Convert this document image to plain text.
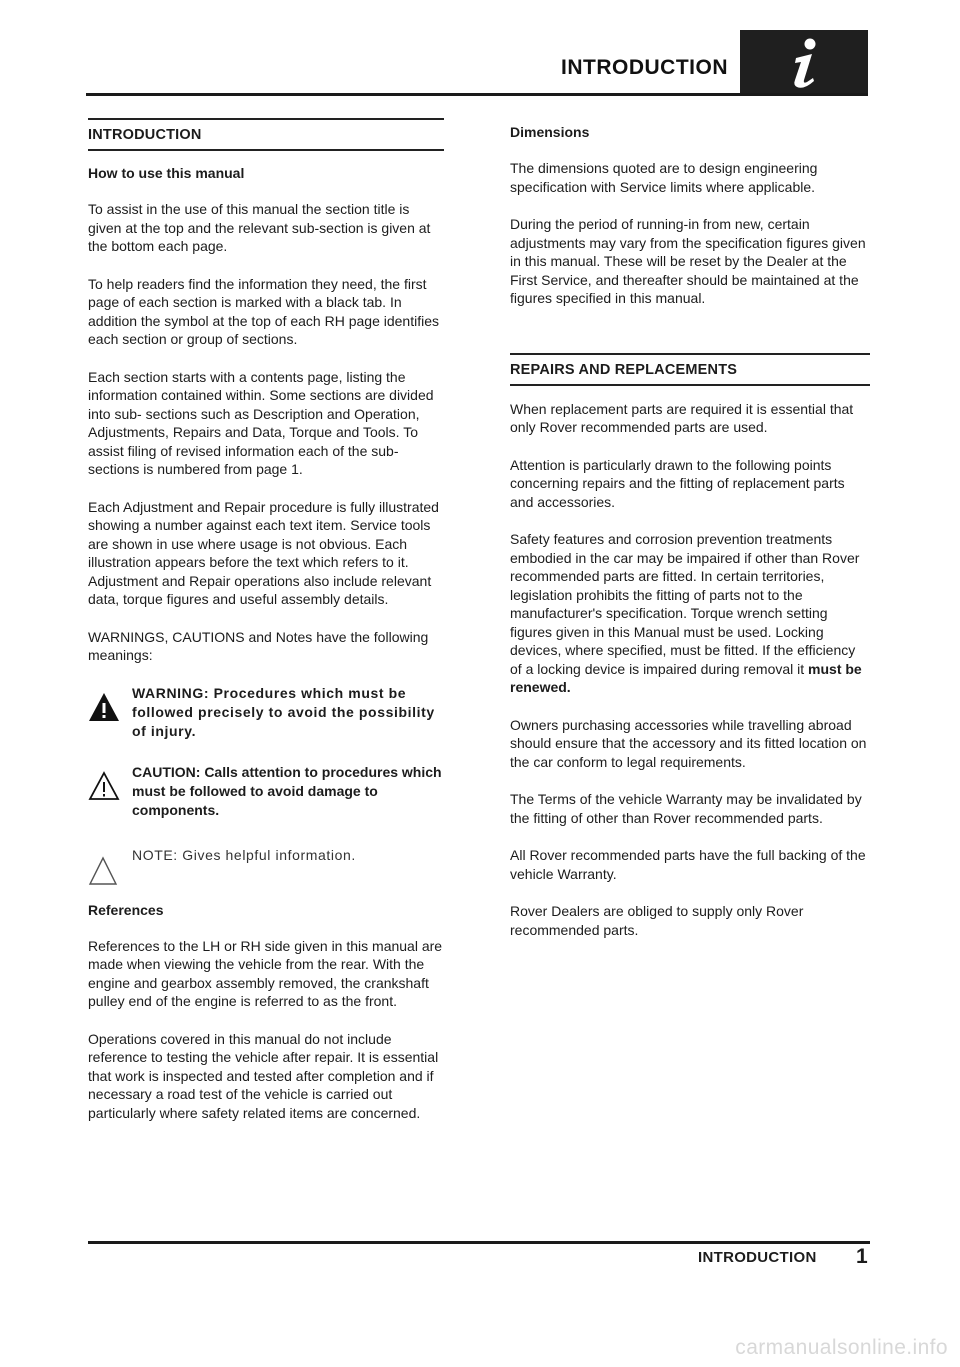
INTRODUCTION
INTRODUCTION
How to use this manual

To assist in the use of this manual the section title is given at the top and the relevant sub-section is given at the bottom each page.

To help readers find the information they need, the first page of each section is marked with a black tab. In addition the symbol at the top of each RH page identifies each section or group of sections.

Each section starts with a contents page, listing the information contained within. Some sections are divided into sub- sections such as Description and Operation, Adjustments, Repairs and Data, Torque and Tools. To assist filing of revised information each of the sub-sections is numbered from page 1.

Each Adjustment and Repair procedure is fully illustrated showing a number against each text item. Service tools are shown in use where usage is not obvious. Each illustration appears before the text which refers to it. Adjustment and Repair operations also include relevant data, torque figures and useful assembly details.

WARNINGS, CAUTIONS and Notes have the following meanings:

WARNING: Procedures which must be followed precisely to avoid the possibility of injury.
CAUTION: Calls attention to procedures which must be followed to avoid damage to components.
NOTE: Gives helpful information.
References

References to the LH or RH side given in this manual are made when viewing the vehicle from the rear. With the engine and gearbox assembly removed, the crankshaft pulley end of the engine is referred to as the front.

Operations covered in this manual do not include reference to testing the vehicle after repair. It is essential that work is inspected and tested after completion and if necessary a road test of the vehicle is carried out particularly where safety related items are concerned.

Dimensions

The dimensions quoted are to design engineering specification with Service limits where applicable.

During the period of running-in from new, certain adjustments may vary from the specification figures given in this manual. These will be reset by the Dealer at the First Service, and thereafter should be maintained at the figures specified in this manual.

REPAIRS AND REPLACEMENTS

When replacement parts are required it is essential that only Rover recommended parts are used.

Attention is particularly drawn to the following points concerning repairs and the fitting of replacement parts and accessories.

Safety features and corrosion prevention treatments embodied in the car may be impaired if other than Rover recommended parts are fitted. In certain territories, legislation prohibits the fitting of parts not to the manufacturer's specification. Torque wrench setting figures given in this Manual must be used. Locking devices, where specified, must be fitted. If the efficiency of a locking device is impaired during removal it must be renewed.

Owners purchasing accessories while travelling abroad should ensure that the accessory and its fitted location on the car conform to legal requirements.

The Terms of the vehicle Warranty may be invalidated by the fitting of other than Rover recommended parts.

All Rover recommended parts have the full backing of the vehicle Warranty.

Rover Dealers are obliged to supply only Rover recommended parts.

INTRODUCTION 1
carmanualsonline.info
